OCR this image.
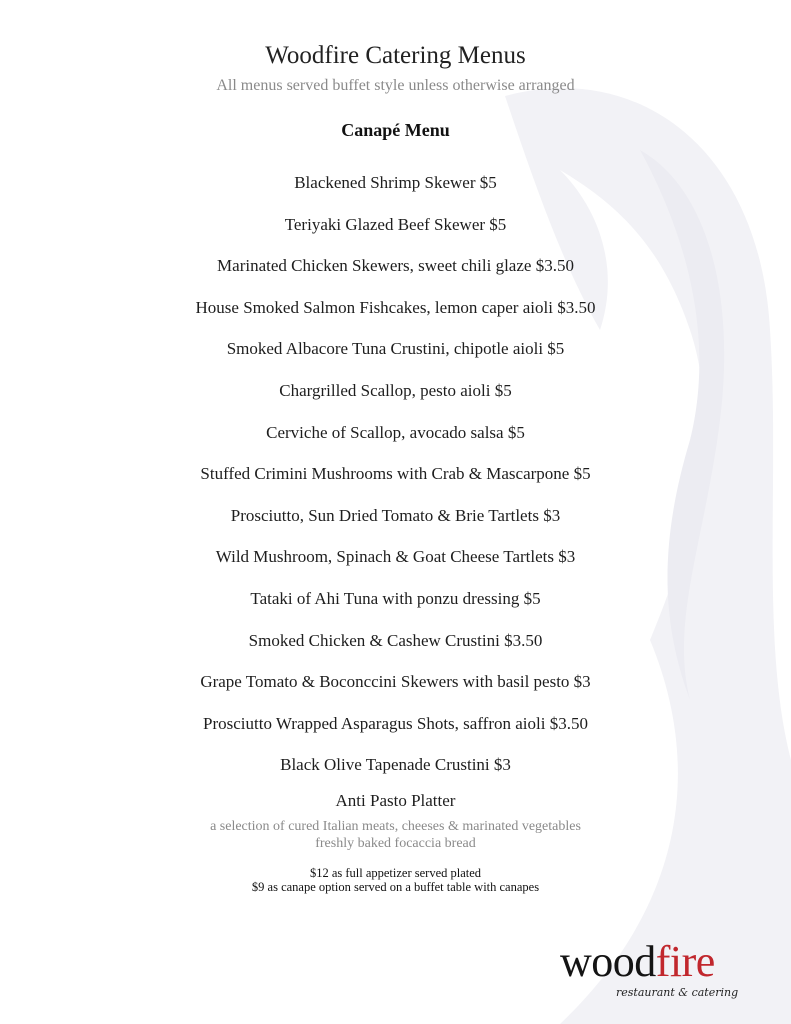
Woodfire Catering Menus
All menus served buffet style unless otherwise arranged
Canapé Menu
Blackened Shrimp Skewer $5
Teriyaki Glazed Beef Skewer $5
Marinated Chicken Skewers, sweet chili glaze $3.50
House Smoked Salmon Fishcakes, lemon caper aioli $3.50
Smoked Albacore Tuna Crustini, chipotle aioli $5
Chargrilled Scallop, pesto aioli $5
Cerviche of Scallop, avocado salsa $5
Stuffed Crimini Mushrooms with Crab & Mascarpone $5
Prosciutto, Sun Dried Tomato & Brie Tartlets $3
Wild Mushroom, Spinach & Goat Cheese Tartlets $3
Tataki of Ahi Tuna with ponzu dressing $5
Smoked Chicken & Cashew Crustini $3.50
Grape Tomato & Boconccini Skewers with basil pesto $3
Prosciutto Wrapped Asparagus Shots, saffron aioli $3.50
Black Olive Tapenade Crustini $3
Anti Pasto Platter
a selection of cured Italian meats, cheeses & marinated vegetables
freshly baked focaccia bread
$12 as full appetizer served plated
$9 as canape option served on a buffet table with canapes
woodfire
restaurant & catering
